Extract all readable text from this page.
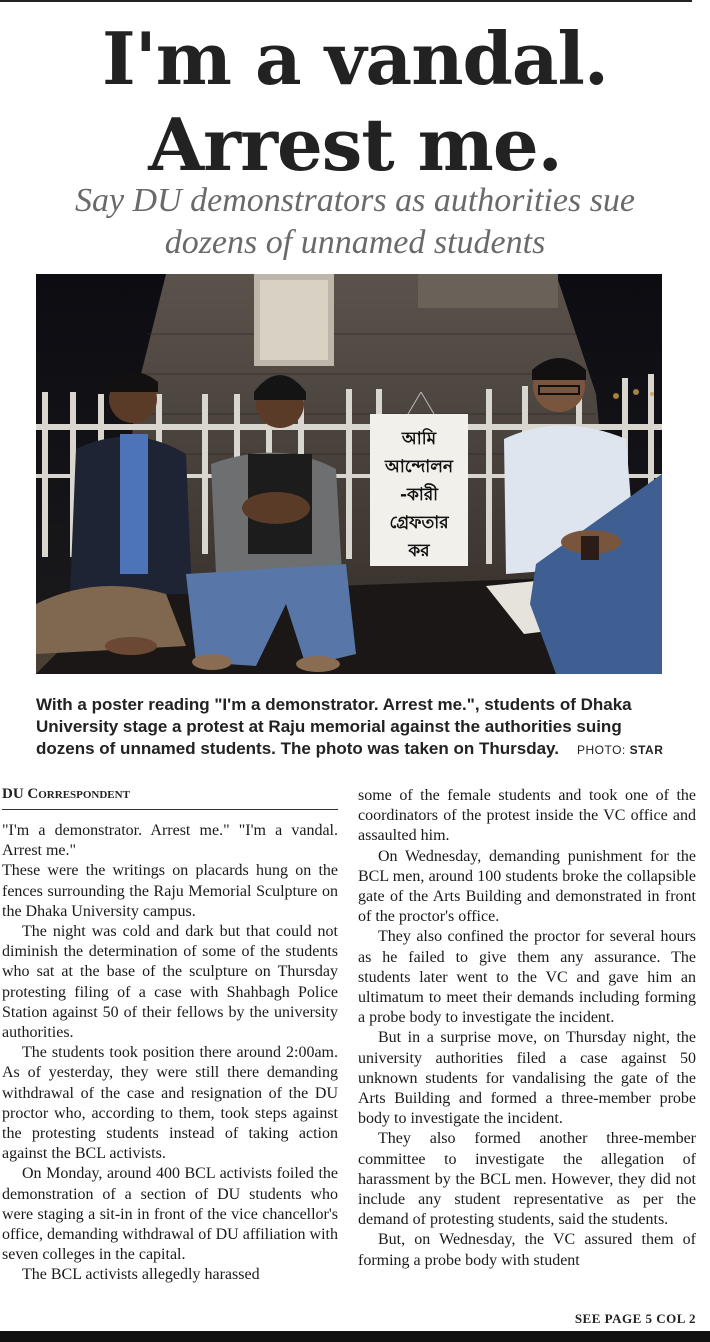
I'm a vandal.
Arrest me.
Say DU demonstrators as authorities sue
dozens of unnamed students
আমি
আন্দোলন
-কারী
গ্রেফতার
কর
With a poster reading "I'm a demonstrator. Arrest me.", students of Dhaka University stage a protest at Raju memorial against the authorities suing dozens of unnamed students. The photo was taken on Thursday. PHOTO: STAR
DU Correspondent

"I'm a demonstrator. Arrest me." "I'm a vandal. Arrest me."

These were the writings on placards hung on the fences surrounding the Raju Memorial Sculpture on the Dhaka University campus.

The night was cold and dark but that could not diminish the determination of some of the students who sat at the base of the sculpture on Thursday protesting filing of a case with Shahbagh Police Station against 50 of their fellows by the university authorities.

The students took position there around 2:00am. As of yesterday, they were still there demanding withdrawal of the case and resignation of the DU proctor who, according to them, took steps against the protesting students instead of taking action against the BCL activists.

On Monday, around 400 BCL activists foiled the demonstration of a section of DU students who were staging a sit-in in front of the vice chancellor's office, demanding withdrawal of DU affiliation with seven colleges in the capital.

The BCL activists allegedly harassed

some of the female students and took one of the coordinators of the protest inside the VC office and assaulted him.

On Wednesday, demanding punishment for the BCL men, around 100 students broke the collapsible gate of the Arts Building and demonstrated in front of the proctor's office.

They also confined the proctor for several hours as he failed to give them any assurance. The students later went to the VC and gave him an ultimatum to meet their demands including forming a probe body to investigate the incident.

But in a surprise move, on Thursday night, the university authorities filed a case against 50 unknown students for vandalising the gate of the Arts Building and formed a three-member probe body to investigate the incident.

They also formed another three-member committee to investigate the allegation of harassment by the BCL men. However, they did not include any student representative as per the demand of protesting students, said the students.

But, on Wednesday, the VC assured them of forming a probe body with student

SEE PAGE 5 COL 2
